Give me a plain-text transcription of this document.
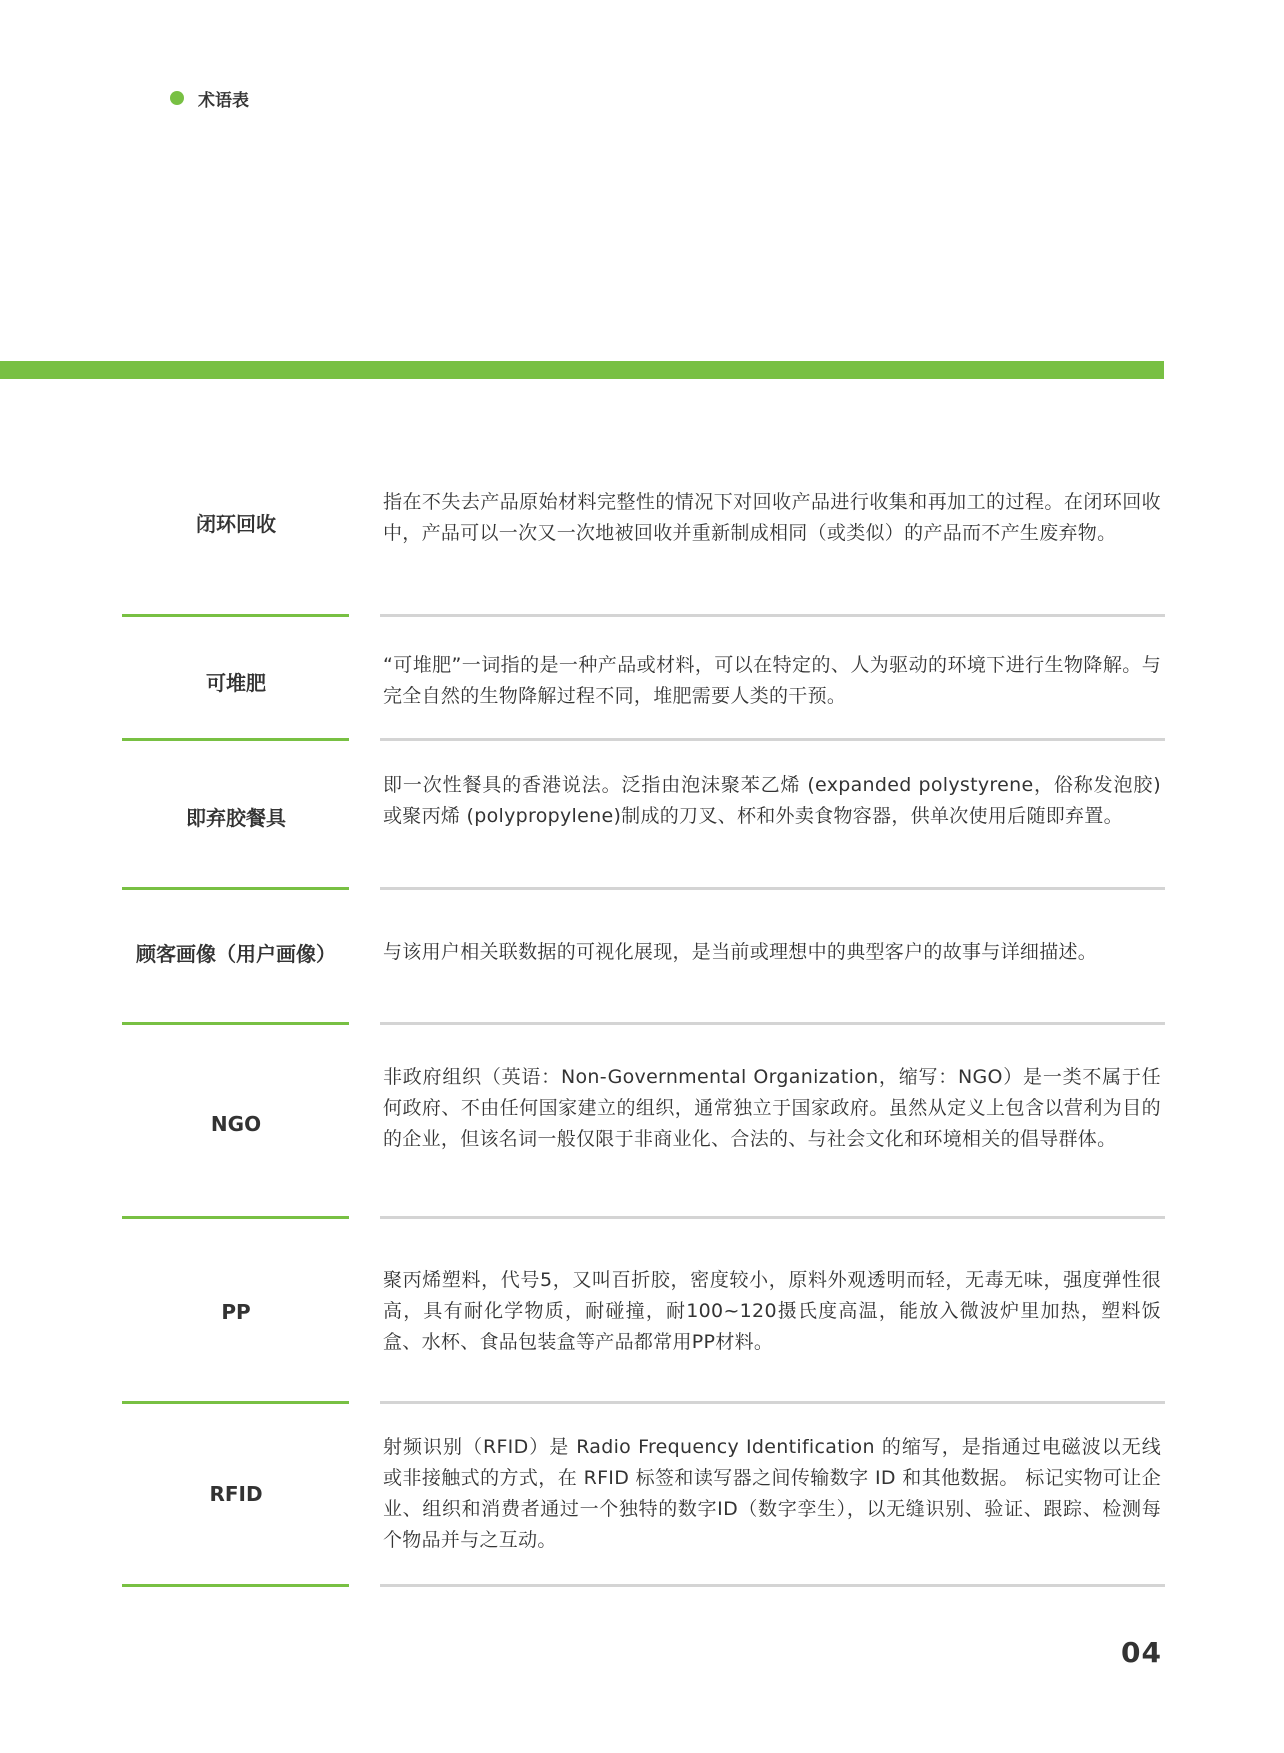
术语表
闭环回收
指在不失去产品原始材料完整性的情况下对回收产品进行收集和再加工的过程。在闭环回收中，产品可以一次又一次地被回收并重新制成相同（或类似）的产品而不产生废弃物。
可堆肥
“可堆肥”一词指的是一种产品或材料，可以在特定的、人为驱动的环境下进行生物降解。与完全自然的生物降解过程不同，堆肥需要人类的干预。
即弃胶餐具
即一次性餐具的香港说法。泛指由泡沫聚苯乙烯 (expanded polystyrene，俗称发泡胶)或聚丙烯 (polypropylene)制成的刀叉、杯和外卖食物容器，供单次使用后随即弃置。
顾客画像（用户画像）	与该用户相关联数据的可视化展现，是当前或理想中的典型客户的故事与详细描述。
NGO
非政府组织（英语：Non-Governmental Organization，缩写：NGO）是一类不属于任何政府、不由任何国家建立的组织，通常独立于国家政府。虽然从定义上包含以营利为目的的企业，但该名词一般仅限于非商业化、合法的、与社会文化和环境相关的倡导群体。
PP
聚丙烯塑料，代号5，又叫百折胶，密度较小，原料外观透明而轻，无毒无味，强度弹性很高，具有耐化学物质，耐碰撞，耐100~120摄氏度高温，能放入微波炉里加热，塑料饭盒、水杯、食品包装盒等产品都常用PP材料。
RFID
射频识别（RFID）是 Radio Frequency Identification 的缩写，是指通过电磁波以无线或非接触式的方式，在 RFID 标签和读写器之间传输数字 ID 和其他数据。 标记实物可让企业、组织和消费者通过一个独特的数字ID（数字孪生），以无缝识别、验证、跟踪、检测每个物品并与之互动。
04
